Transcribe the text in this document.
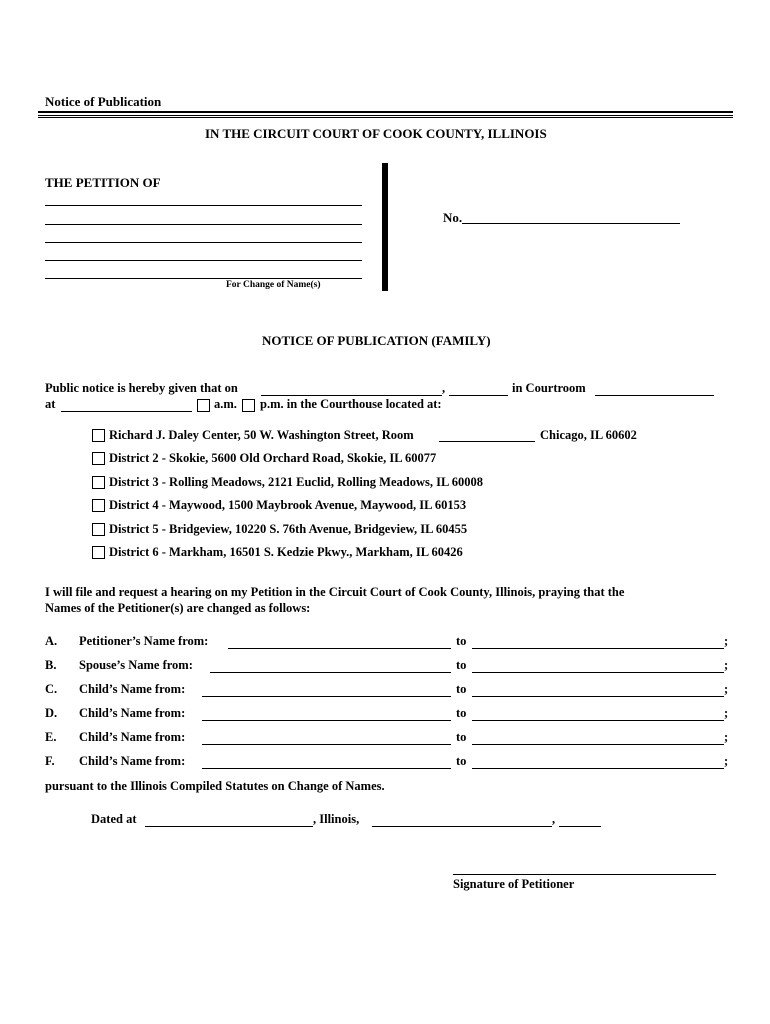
Notice of Publication
IN THE CIRCUIT COURT OF COOK COUNTY, ILLINOIS
THE PETITION OF
For Change of Name(s)
No.
NOTICE OF PUBLICATION (FAMILY)
Public notice is hereby given that on	,	in Courtroom
at	a.m. p.m. in the Courthouse located at:
Richard J. Daley Center, 50 W. Washington Street, Room	Chicago, IL 60602
District 2 - Skokie, 5600 Old Orchard Road, Skokie, IL 60077
District 3 - Rolling Meadows, 2121 Euclid, Rolling Meadows, IL 60008
District 4 - Maywood, 1500 Maybrook Avenue, Maywood, IL 60153
District 5 - Bridgeview, 10220 S. 76th Avenue, Bridgeview, IL 60455
District 6 - Markham, 16501 S. Kedzie Pkwy., Markham, IL 60426
I will file and request a hearing on my Petition in the Circuit Court of Cook County, Illinois, praying that the
Names of the Petitioner(s) are changed as follows:
A. Petitioner’s Name from:	to	;
B. Spouse’s Name from:	to	;
C. Child’s Name from:	to	;
D. Child’s Name from:	to	;
E. Child’s Name from:	to	;
F. Child’s Name from:	to	;
pursuant to the Illinois Compiled Statutes on Change of Names.
Dated at	, Illinois,	,
Signature of Petitioner
